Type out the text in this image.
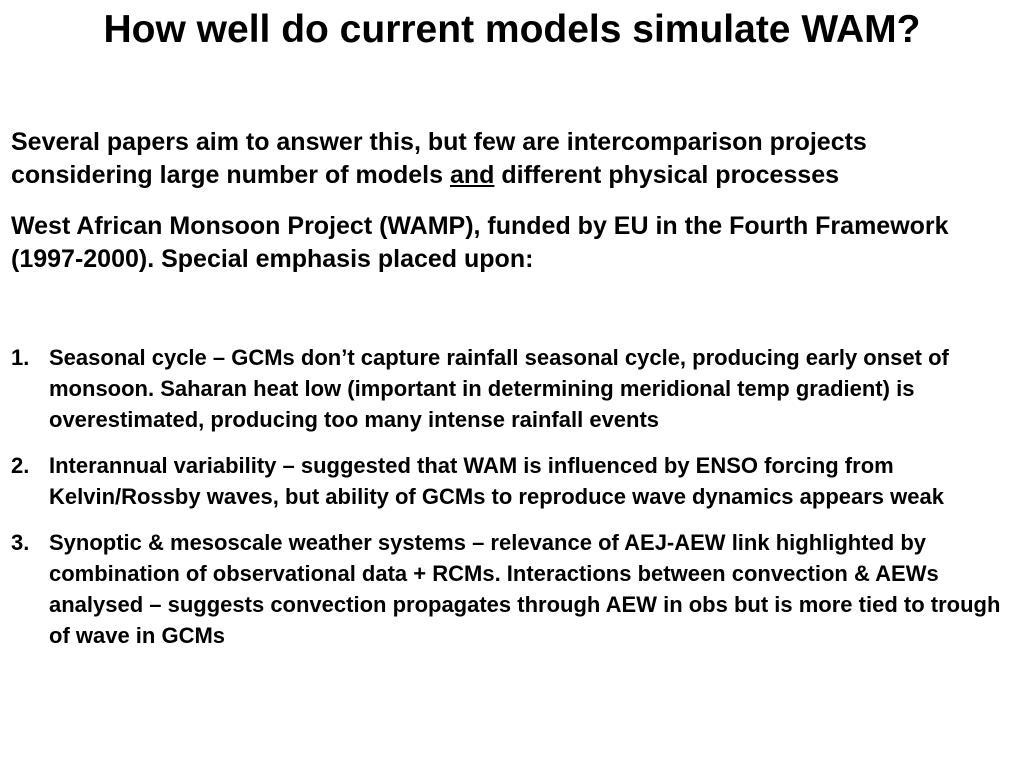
How well do current models simulate WAM?

Several papers aim to answer this, but few are intercomparison projects considering large number of models and different physical processes

West African Monsoon Project (WAMP), funded by EU in the Fourth Framework (1997-2000). Special emphasis placed upon:

1. Seasonal cycle – GCMs don’t capture rainfall seasonal cycle, producing early onset of monsoon. Saharan heat low (important in determining meridional temp gradient) is overestimated, producing too many intense rainfall events
2. Interannual variability – suggested that WAM is influenced by ENSO forcing from Kelvin/Rossby waves, but ability of GCMs to reproduce wave dynamics appears weak
3. Synoptic & mesoscale weather systems – relevance of AEJ-AEW link highlighted by combination of observational data + RCMs. Interactions between convection & AEWs analysed – suggests convection propagates through AEW in obs but is more tied to trough of wave in GCMs
